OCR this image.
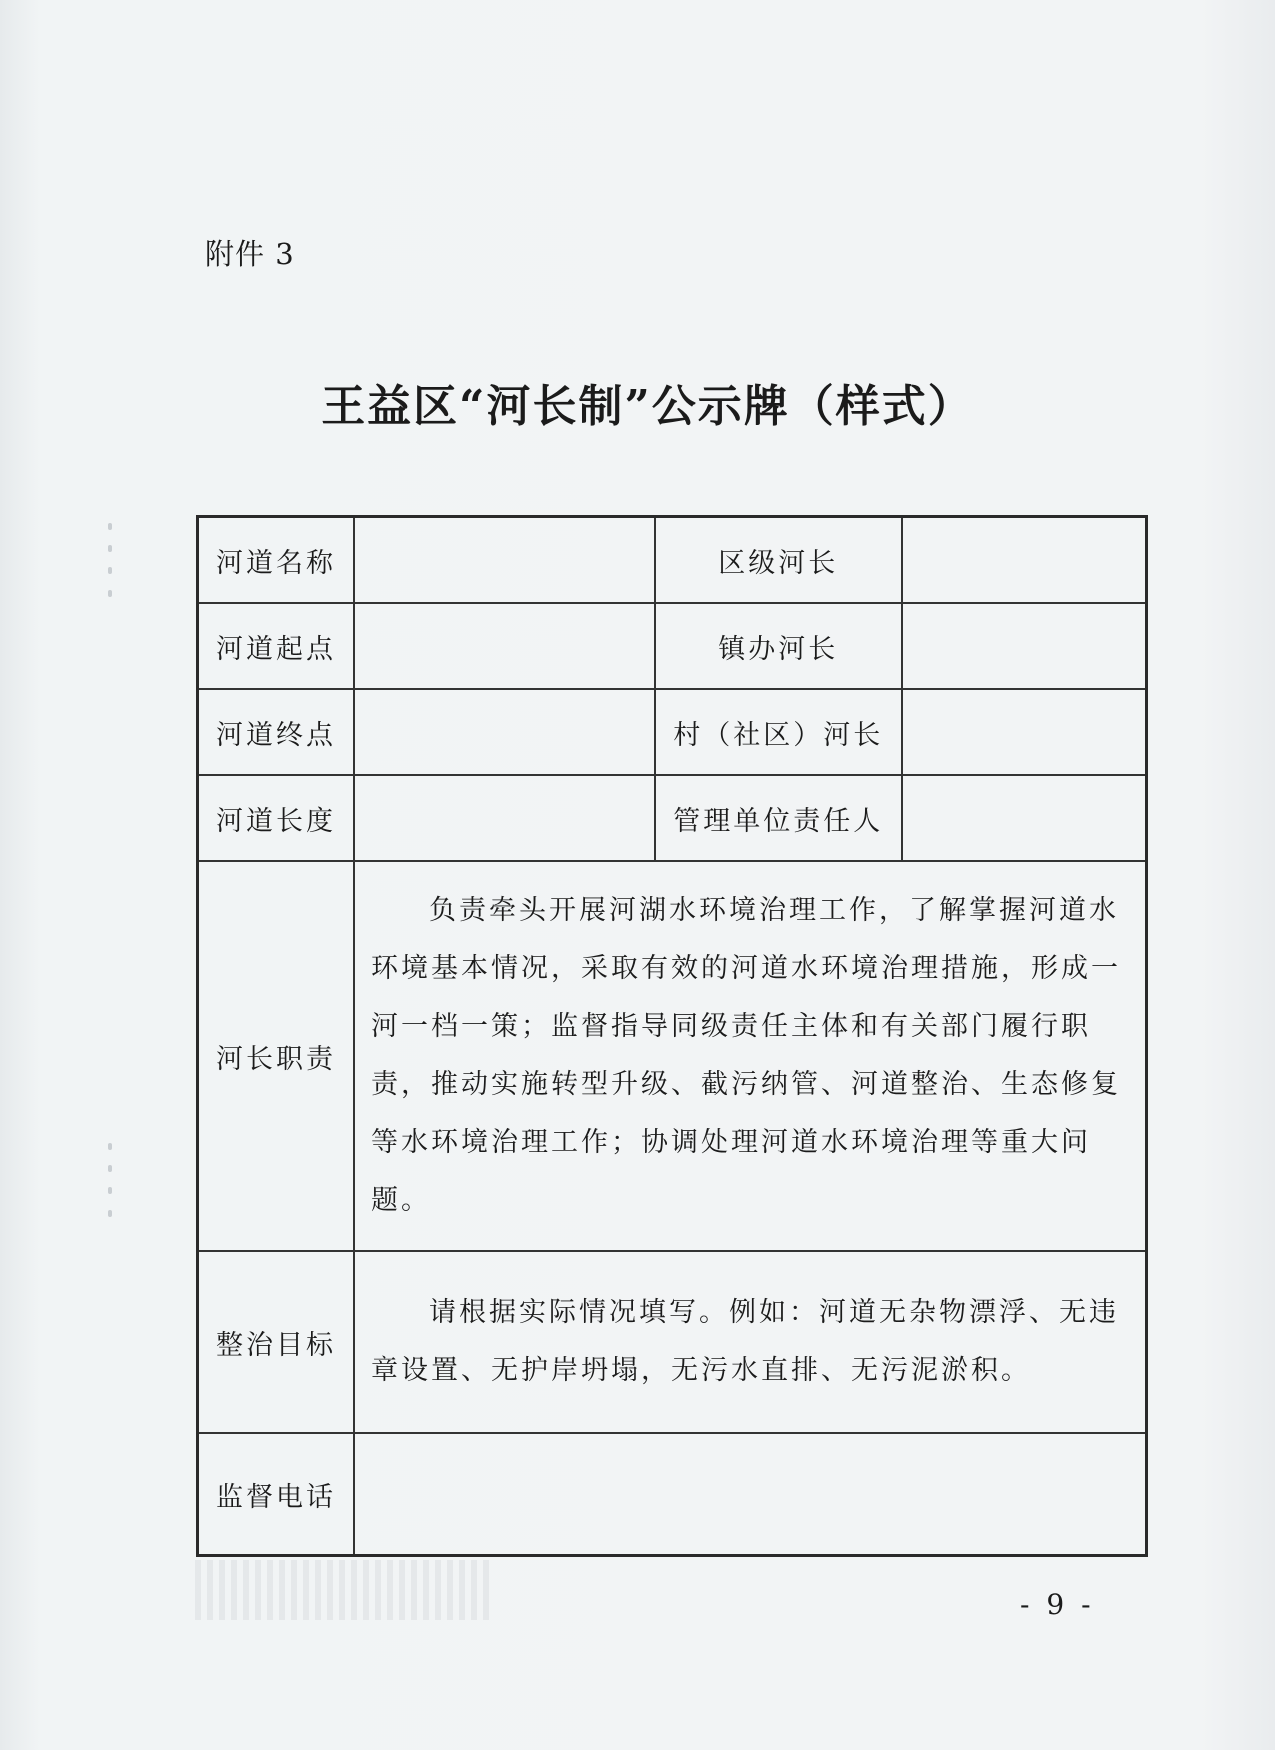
附件 3
王益区“河长制”公示牌（样式）
河道名称		区级河长	
河道起点		镇办河长	
河道终点		村（社区）河长	
河道长度		管理单位责任人	
河长职责	负责牵头开展河湖水环境治理工作，了解掌握河道水环境基本情况，采取有效的河道水环境治理措施，形成一河一档一策；监督指导同级责任主体和有关部门履行职责，推动实施转型升级、截污纳管、河道整治、生态修复等水环境治理工作；协调处理河道水环境治理等重大问题。		
整治目标	请根据实际情况填写。例如：河道无杂物漂浮、无违章设置、无护岸坍塌，无污水直排、无污泥淤积。		
监督电话			
- 9 -
